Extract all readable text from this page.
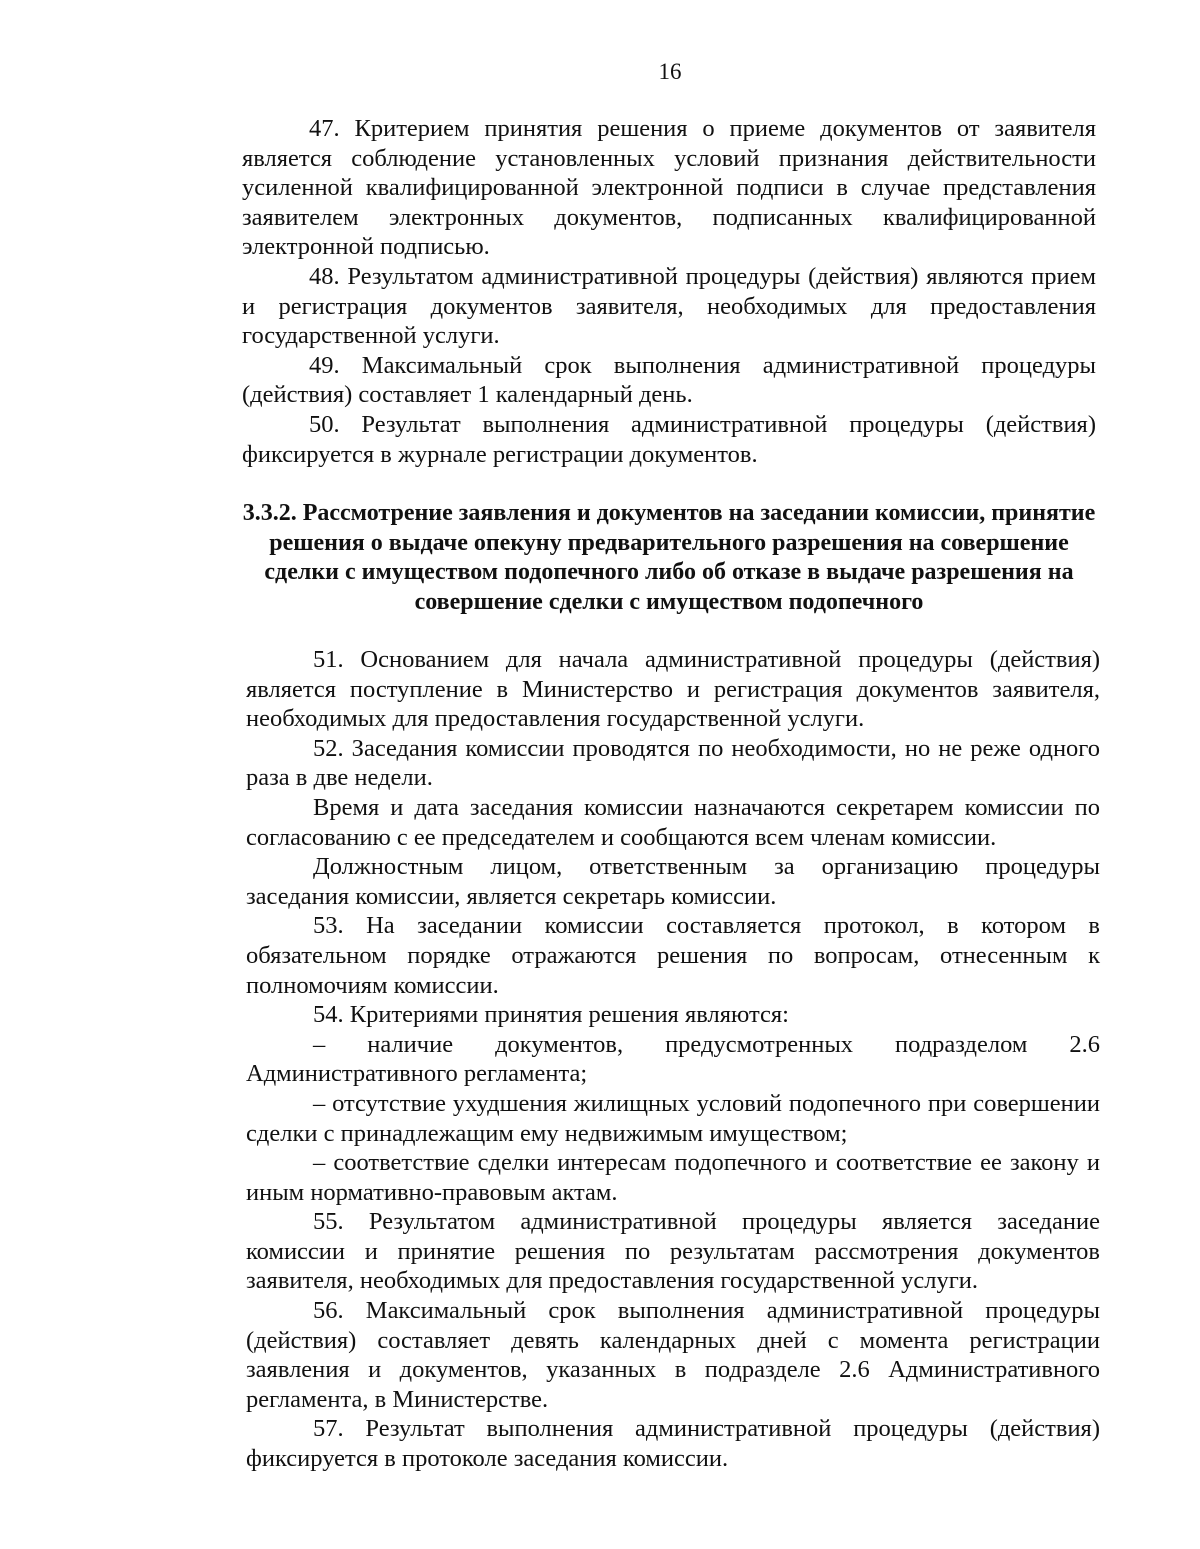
16

47. Критерием принятия решения о приеме документов от заявителя является соблюдение установленных условий признания действительности усиленной квалифицированной электронной подписи в случае представления заявителем электронных документов, подписанных квалифицированной электронной подписью.

48. Результатом административной процедуры (действия) являются прием и регистрация документов заявителя, необходимых для предоставления государственной услуги.

49. Максимальный срок выполнения административной процедуры (действия) составляет 1 календарный день.

50. Результат выполнения административной процедуры (действия) фиксируется в журнале регистрации документов.

3.3.2. Рассмотрение заявления и документов на заседании комиссии, принятие решения о выдаче опекуну предварительного разрешения на совершение сделки с имуществом подопечного либо об отказе в выдаче разрешения на совершение сделки с имуществом подопечного

51. Основанием для начала административной процедуры (действия) является поступление в Министерство и регистрация документов заявителя, необходимых для предоставления государственной услуги.

52. Заседания комиссии проводятся по необходимости, но не реже одного раза в две недели.

Время и дата заседания комиссии назначаются секретарем комиссии по согласованию с ее председателем и сообщаются всем членам комиссии.

Должностным лицом, ответственным за организацию процедуры заседания комиссии, является секретарь комиссии.

53. На заседании комиссии составляется протокол, в котором в обязательном порядке отражаются решения по вопросам, отнесенным к полномочиям комиссии.

54. Критериями принятия решения являются:

– наличие документов, предусмотренных подразделом 2.6 Административного регламента;

– отсутствие ухудшения жилищных условий подопечного при совершении сделки с принадлежащим ему недвижимым имуществом;

– соответствие сделки интересам подопечного и соответствие ее закону и иным нормативно-правовым актам.

55. Результатом административной процедуры является заседание комиссии и принятие решения по результатам рассмотрения документов заявителя, необходимых для предоставления государственной услуги.

56. Максимальный срок выполнения административной процедуры (действия) составляет девять календарных дней с момента регистрации заявления и документов, указанных в подразделе 2.6 Административного регламента, в Министерстве.

57. Результат выполнения административной процедуры (действия) фиксируется в протоколе заседания комиссии.
